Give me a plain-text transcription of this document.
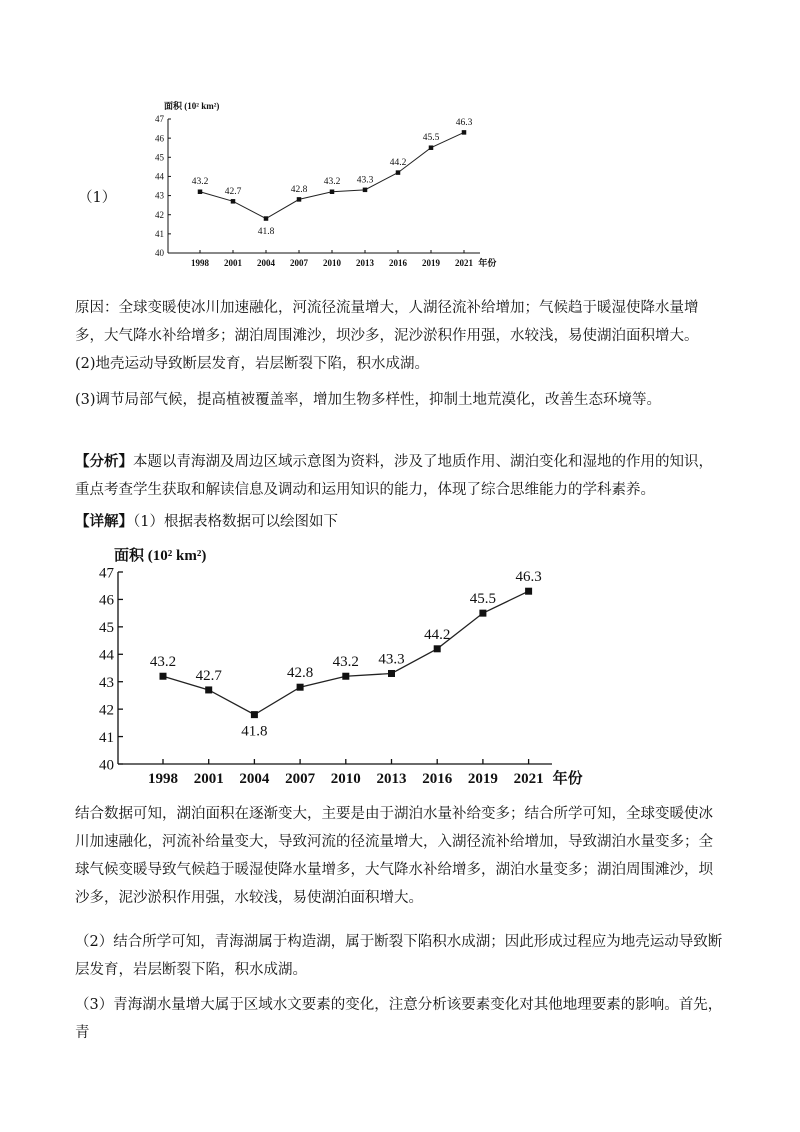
（1）
面积 (10² km²)
40
41
42
43
44
45
46
47
1998 2001 2004 2007 2010 2013 2016 2019 2021 年份
43.2
42.7
41.8
42.8
43.2 43.3
44.2
45.5
46.3

原因：全球变暖使冰川加速融化，河流径流量增大，人湖径流补给增加；气候趋于暖湿使降水量增多，大气降水补给增多；湖泊周围滩沙，坝沙多，泥沙淤积作用强，水较浅，易使湖泊面积增大。

(2)地壳运动导致断层发育，岩层断裂下陷，积水成湖。

(3)调节局部气候，提高植被覆盖率，增加生物多样性，抑制土地荒漠化，改善生态环境等。

【分析】本题以青海湖及周边区域示意图为资料，涉及了地质作用、湖泊变化和湿地的作用的知识，重点考查学生获取和解读信息及调动和运用知识的能力，体现了综合思维能力的学科素养。

【详解】（1）根据表格数据可以绘图如下

面积 (10² km²)
40
41
42
43
44
45
46
47
1998 2001 2004 2007 2010 2013 2016 2019 2021 年份
43.2
42.7
41.8
42.8
43.2 43.3
44.2
45.5
46.3

结合数据可知，湖泊面积在逐渐变大，主要是由于湖泊水量补给变多；结合所学可知，全球变暖使冰川加速融化，河流补给量变大，导致河流的径流量增大，入湖径流补给增加，导致湖泊水量变多；全球气候变暖导致气候趋于暖湿使降水量增多，大气降水补给增多，湖泊水量变多；湖泊周围滩沙，坝沙多，泥沙淤积作用强，水较浅，易使湖泊面积增大。

（2）结合所学可知，青海湖属于构造湖，属于断裂下陷积水成湖；因此形成过程应为地壳运动导致断层发育，岩层断裂下陷，积水成湖。

（3）青海湖水量增大属于区域水文要素的变化，注意分析该要素变化对其他地理要素的影响。首先，青
